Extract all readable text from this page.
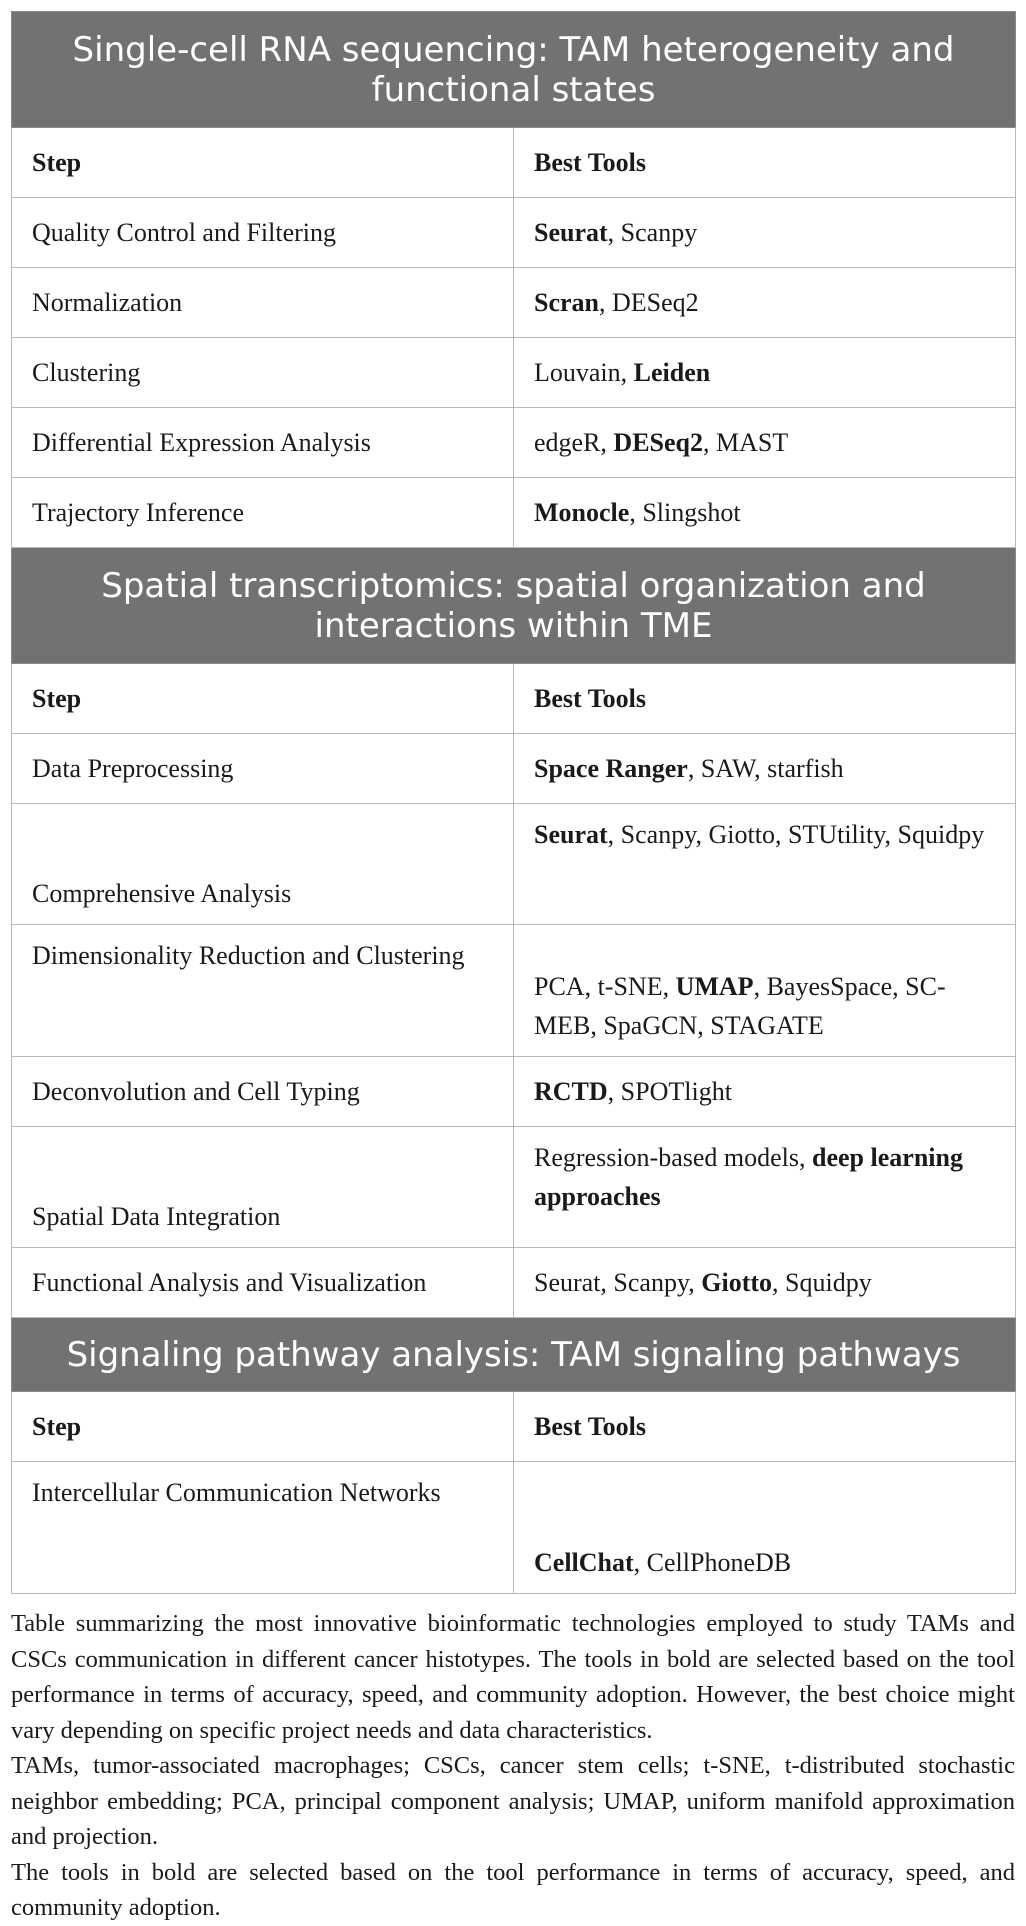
Single-cell RNA sequencing: TAM heterogeneity and functional states	
Step	Best Tools
Quality Control and Filtering	Seurat, Scanpy
Normalization	Scran, DESeq2
Clustering	Louvain, Leiden
Differential Expression Analysis	edgeR, DESeq2, MAST
Trajectory Inference	Monocle, Slingshot
Spatial transcriptomics: spatial organization and interactions within TME	
Step	Best Tools
Data Preprocessing	Space Ranger, SAW, starfish
Comprehensive Analysis	Seurat, Scanpy, Giotto, STUtility, Squidpy
Dimensionality Reduction and Clustering	PCA, t-SNE, UMAP, BayesSpace, SC-MEB, SpaGCN, STAGATE
Deconvolution and Cell Typing	RCTD, SPOTlight
Spatial Data Integration	Regression-based models, deep learning approaches
Functional Analysis and Visualization	Seurat, Scanpy, Giotto, Squidpy
Signaling pathway analysis: TAM signaling pathways	
Step	Best Tools
Intercellular Communication Networks	CellChat, CellPhoneDB

Table summarizing the most innovative bioinformatic technologies employed to study TAMs and CSCs communication in different cancer histotypes. The tools in bold are selected based on the tool performance in terms of accuracy, speed, and community adoption. However, the best choice might vary depending on specific project needs and data characteristics.

TAMs, tumor-associated macrophages; CSCs, cancer stem cells; t-SNE, t-distributed stochastic neighbor embedding; PCA, principal component analysis; UMAP, uniform manifold approximation and projection.

The tools in bold are selected based on the tool performance in terms of accuracy, speed, and community adoption.
